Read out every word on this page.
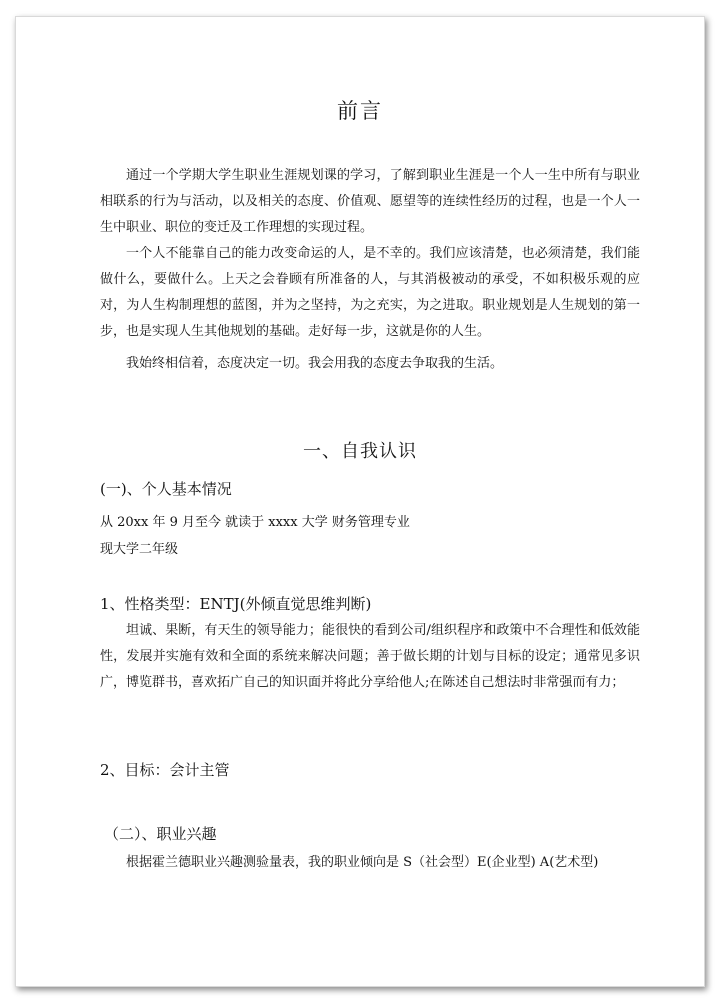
前言
通过一个学期大学生职业生涯规划课的学习，了解到职业生涯是一个人一生中所有与职业相联系的行为与活动，以及相关的态度、价值观、愿望等的连续性经历的过程，也是一个人一生中职业、职位的变迁及工作理想的实现过程。
一个人不能靠自己的能力改变命运的人，是不幸的。我们应该清楚，也必须清楚，我们能做什么，要做什么。上天之会眷顾有所准备的人，与其消极被动的承受，不如积极乐观的应对，为人生构制理想的蓝图，并为之坚持，为之充实，为之进取。职业规划是人生规划的第一步，也是实现人生其他规划的基础。走好每一步，这就是你的人生。
我始终相信着，态度决定一切。我会用我的态度去争取我的生活。
一、自我认识
(一)、个人基本情况
从 20xx 年 9 月至今 就读于 xxxx 大学 财务管理专业
现大学二年级
1、性格类型：ENTJ(外倾直觉思维判断)
坦诚、果断，有天生的领导能力；能很快的看到公司/组织程序和政策中不合理性和低效能性，发展并实施有效和全面的系统来解决问题；善于做长期的计划与目标的设定；通常见多识广，博览群书，喜欢拓广自己的知识面并将此分享给他人;在陈述自己想法时非常强而有力；
2、目标：会计主管
（二）、职业兴趣
根据霍兰德职业兴趣测验量表，我的职业倾向是 S（社会型）E(企业型) A(艺术型)
